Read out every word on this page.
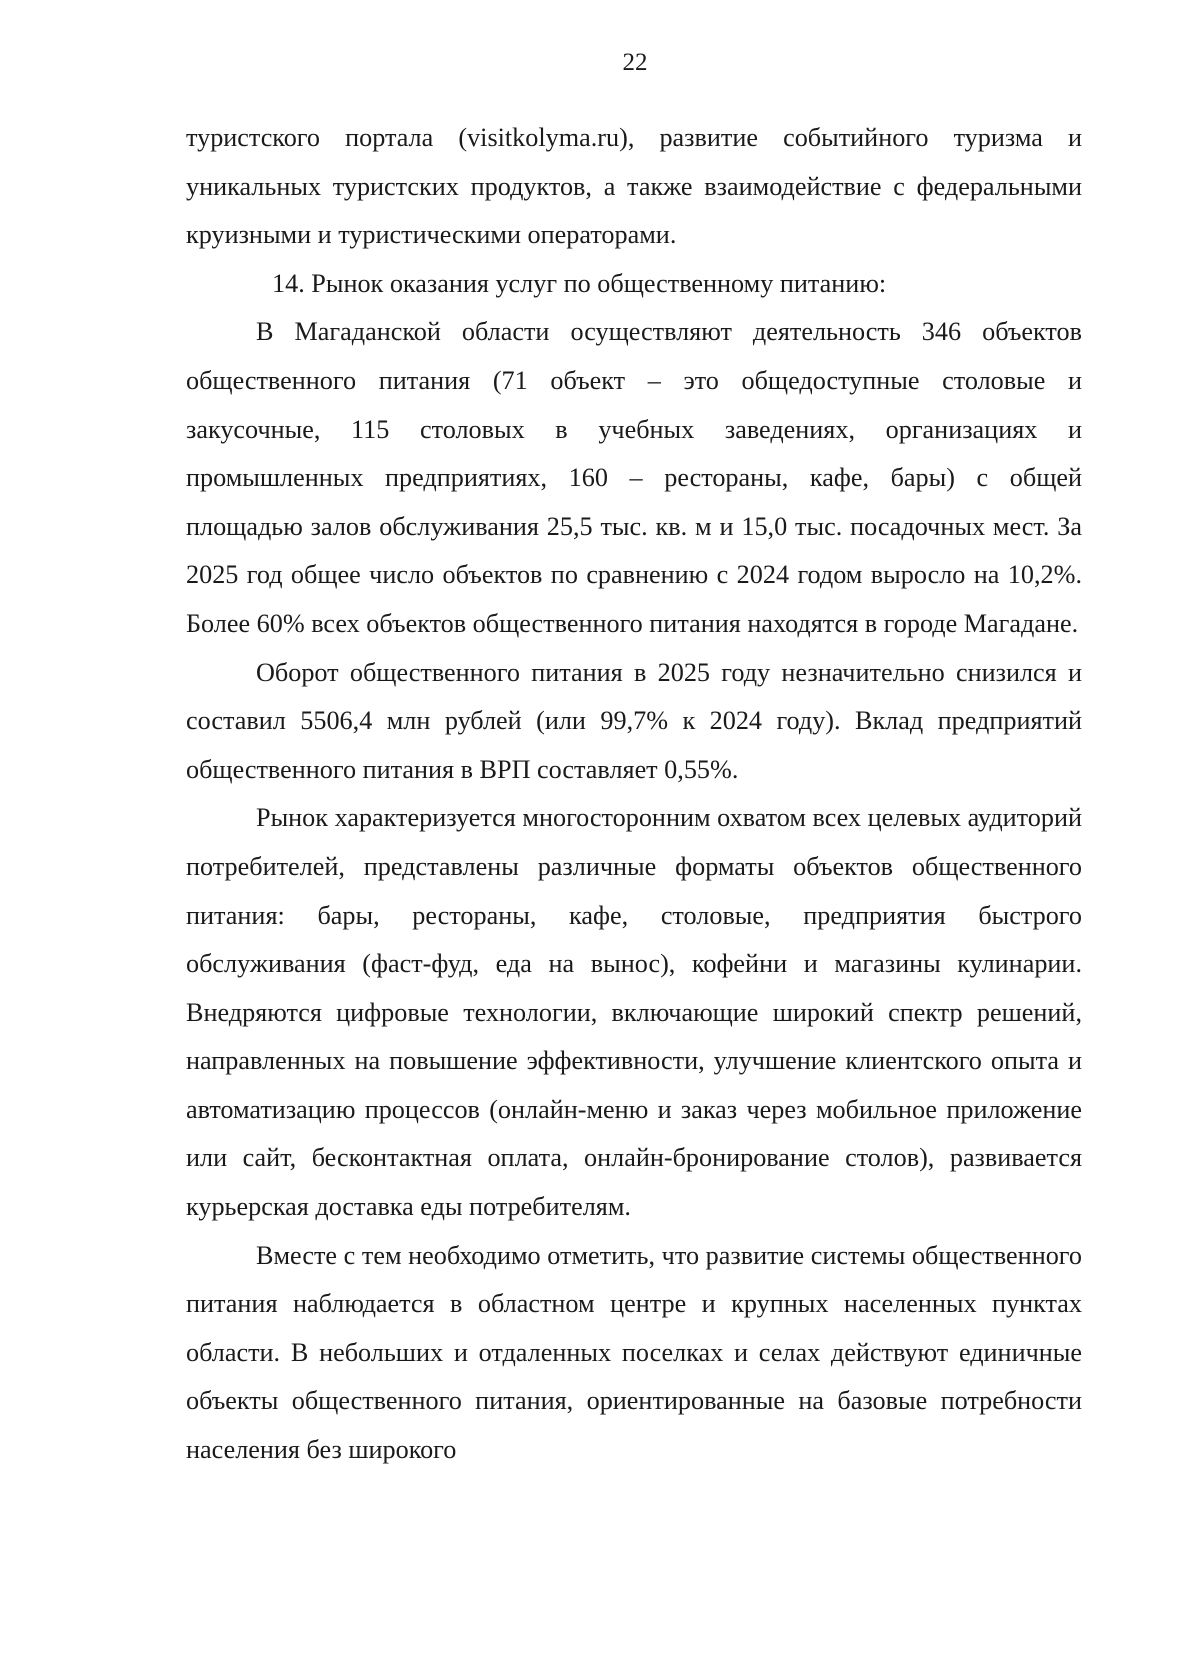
22

туристского портала (visitkolyma.ru), развитие событийного туризма и уникальных туристских продуктов, а также взаимодействие с федеральными круизными и туристическими операторами.

14. Рынок оказания услуг по общественному питанию:

В Магаданской области осуществляют деятельность 346 объектов общественного питания (71 объект – это общедоступные столовые и закусочные, 115 столовых в учебных заведениях, организациях и промышленных предприятиях, 160 – рестораны, кафе, бары) с общей площадью залов обслуживания 25,5 тыс. кв. м и 15,0 тыс. посадочных мест. За 2025 год общее число объектов по сравнению с 2024 годом выросло на 10,2%. Более 60% всех объектов общественного питания находятся в городе Магадане.

Оборот общественного питания в 2025 году незначительно снизился и составил 5506,4 млн рублей (или 99,7% к 2024 году). Вклад предприятий общественного питания в ВРП составляет 0,55%.

Рынок характеризуется многосторонним охватом всех целевых аудиторий потребителей, представлены различные форматы объектов общественного питания: бары, рестораны, кафе, столовые, предприятия быстрого обслуживания (фаст-фуд, еда на вынос), кофейни и магазины кулинарии. Внедряются цифровые технологии, включающие широкий спектр решений, направленных на повышение эффективности, улучшение клиентского опыта и автоматизацию процессов (онлайн-меню и заказ через мобильное приложение или сайт, бесконтактная оплата, онлайн-бронирование столов), развивается курьерская доставка еды потребителям.

Вместе с тем необходимо отметить, что развитие системы общественного питания наблюдается в областном центре и крупных населенных пунктах области. В небольших и отдаленных поселках и селах действуют единичные объекты общественного питания, ориентированные на базовые потребности населения без широкого
